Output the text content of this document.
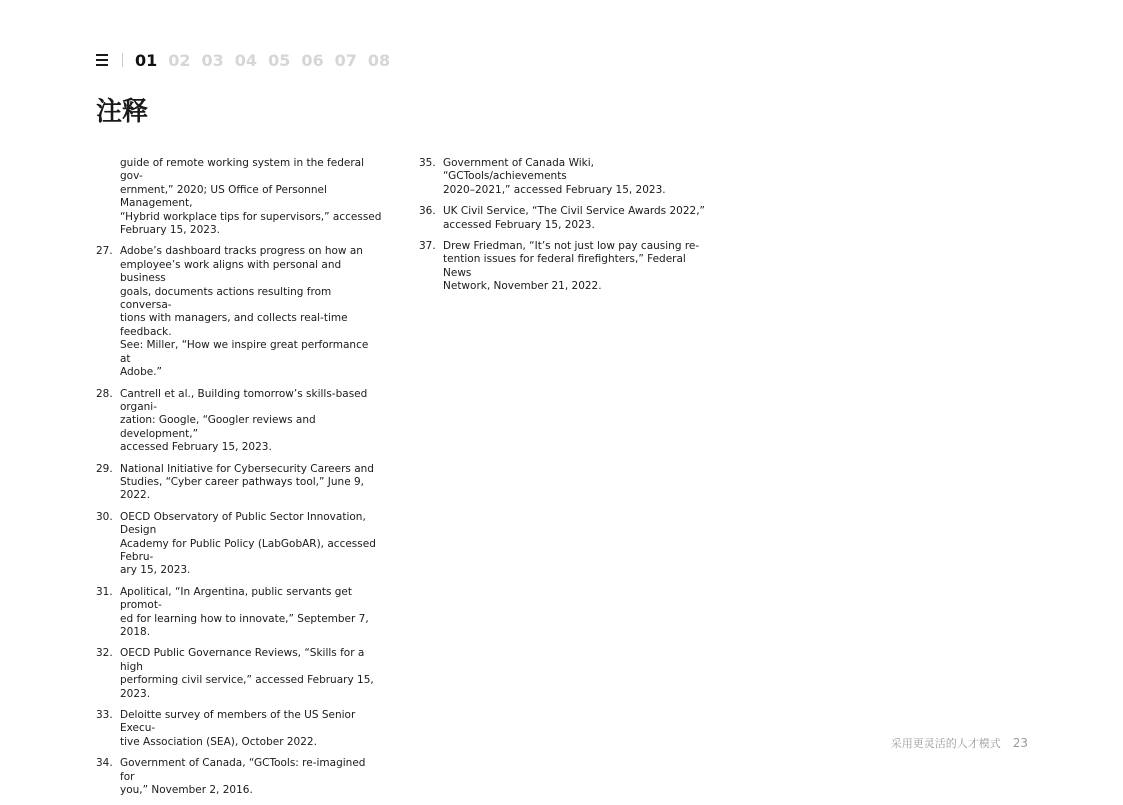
01 02 03 04 05 06 07 08
注释
guide of remote working system in the federal gov-
ernment,” 2020; US Office of Personnel Management,
“Hybrid workplace tips for supervisors,” accessed
February 15, 2023.
27. Adobe’s dashboard tracks progress on how an
employee’s work aligns with personal and business
goals, documents actions resulting from conversa-
tions with managers, and collects real-time feedback.
See: Miller, “How we inspire great performance at
Adobe.”
28. Cantrell et al., Building tomorrow’s skills-based organi-
zation: Google, “Googler reviews and development,”
accessed February 15, 2023.
29. National Initiative for Cybersecurity Careers and
Studies, “Cyber career pathways tool,” June 9, 2022.
30. OECD Observatory of Public Sector Innovation, Design
Academy for Public Policy (LabGobAR), accessed Febru-
ary 15, 2023.
31. Apolitical, “In Argentina, public servants get promot-
ed for learning how to innovate,” September 7, 2018.
32. OECD Public Governance Reviews, “Skills for a high
performing civil service,” accessed February 15, 2023.
33. Deloitte survey of members of the US Senior Execu-
tive Association (SEA), October 2022.
34. Government of Canada, “GCTools: re-imagined for
you,” November 2, 2016.
35. Government of Canada Wiki, “GCTools/achievements
2020–2021,” accessed February 15, 2023.
36. UK Civil Service, “The Civil Service Awards 2022,”
accessed February 15, 2023.
37. Drew Friedman, “It’s not just low pay causing re-
tention issues for federal firefighters,” Federal News
Network, November 21, 2022.
采用更灵活的人才模式 23
